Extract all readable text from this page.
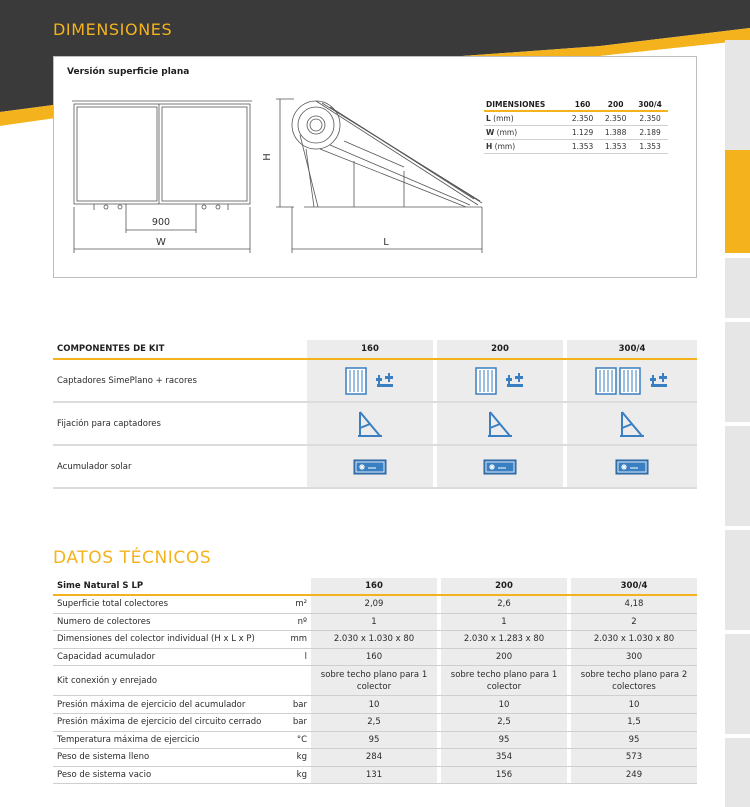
DIMENSIONES
Versión superficie plana
900
W
H
L
DIMENSIONES	160	200	300/4
L (mm)	2.350	2.350	2.350
W (mm)	1.129	1.388	2.189
H (mm)	1.353	1.353	1.353
COMPONENTES DE KIT	160		200		300/4
Captadores SimePlano + racores					
Fijación para captadores					
Acumulador solar					
DATOS TÉCNICOS
Sime Natural S LP		160		200		300/4
Superficie total colectores	m²	2,09		2,6		4,18
Numero de colectores	nº	1		1		2
Dimensiones del colector individual (H x L x P)	mm	2.030 x 1.030 x 80		2.030 x 1.283 x 80		2.030 x 1.030 x 80
Capacidad acumulador	l	160		200		300
Kit conexión y enrejado		sobre techo plano para 1 colector		sobre techo plano para 1 colector		sobre techo plano para 2 colectores
Presión máxima de ejercicio del acumulador	bar	10		10		10
Presión máxima de ejercicio del circuito cerrado	bar	2,5		2,5		1,5
Temperatura máxima de ejercicio	°C	95		95		95
Peso de sistema lleno	kg	284		354		573
Peso de sistema vacio	kg	131		156		249
